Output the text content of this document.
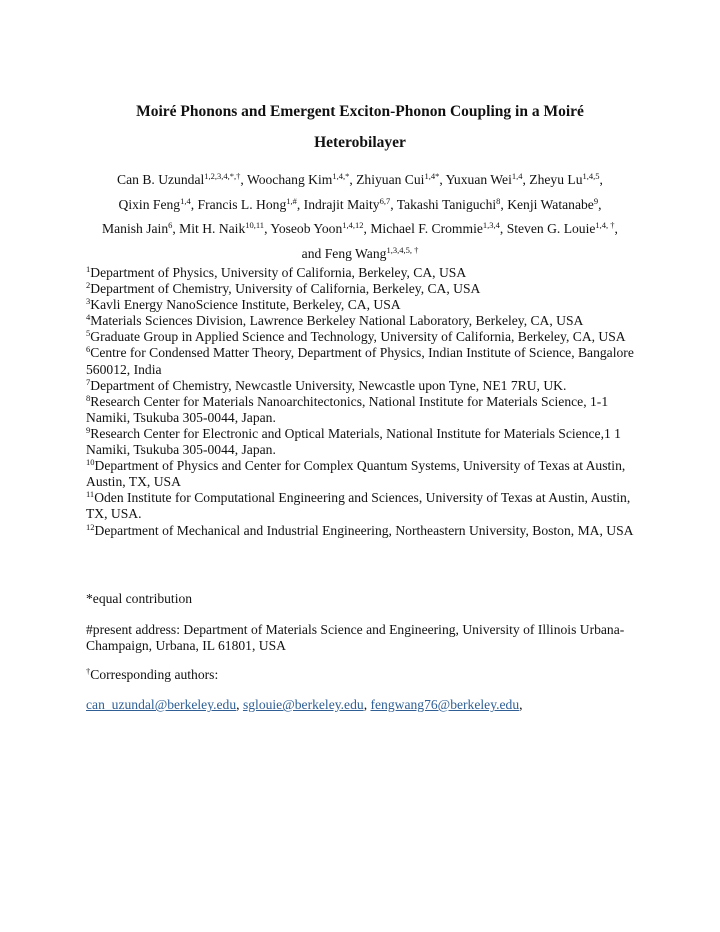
Moiré Phonons and Emergent Exciton-Phonon Coupling in a Moiré
Heterobilayer
Can B. Uzundal$^{1,2,3,4,*,\dagger}$, Woochang Kim$^{1,4,*}$, Zhiyuan Cui$^{1,4*}$, Yuxuan Wei$^{1,4}$, Zheyu Lu$^{1,4,5}$,
Qixin Feng$^{1,4}$, Francis L. Hong$^{1,\#}$, Indrajit Maity$^{6,7}$, Takashi Taniguchi$^8$, Kenji Watanabe$^9$,
Manish Jain$^6$, Mit H. Naik$^{10,11}$, Yoseob Yoon$^{1,4,12}$, Michael F. Crommie$^{1,3,4}$, Steven G. Louie$^{1,4, \dagger}$,
and Feng Wang$^{1,3,4,5, \dagger}$

$^1$Department of Physics, University of California, Berkeley, CA, USA

$^2$Department of Chemistry, University of California, Berkeley, CA, USA

$^3$Kavli Energy NanoScience Institute, Berkeley, CA, USA

$^4$Materials Sciences Division, Lawrence Berkeley National Laboratory, Berkeley, CA, USA

$^5$Graduate Group in Applied Science and Technology, University of California, Berkeley, CA, USA

$^6$Centre for Condensed Matter Theory, Department of Physics, Indian Institute of Science, Bangalore 560012, India

$^7$Department of Chemistry, Newcastle University, Newcastle upon Tyne, NE1 7RU, UK.

$^8$Research Center for Materials Nanoarchitectonics, National Institute for Materials Science, 1-1 Namiki, Tsukuba 305-0044, Japan.

$^9$Research Center for Electronic and Optical Materials, National Institute for Materials Science,1 1 Namiki, Tsukuba 305-0044, Japan.

$^{10}$Department of Physics and Center for Complex Quantum Systems, University of Texas at Austin, Austin, TX, USA

$^{11}$Oden Institute for Computational Engineering and Sciences, University of Texas at Austin, Austin, TX, USA.

$^{12}$Department of Mechanical and Industrial Engineering, Northeastern University, Boston, MA, USA

*equal contribution
#present address: Department of Materials Science and Engineering, University of Illinois Urbana-Champaign, Urbana, IL 61801, USA
†Corresponding authors:
can_uzundal@berkeley.edu, sglouie@berkeley.edu, fengwang76@berkeley.edu,
